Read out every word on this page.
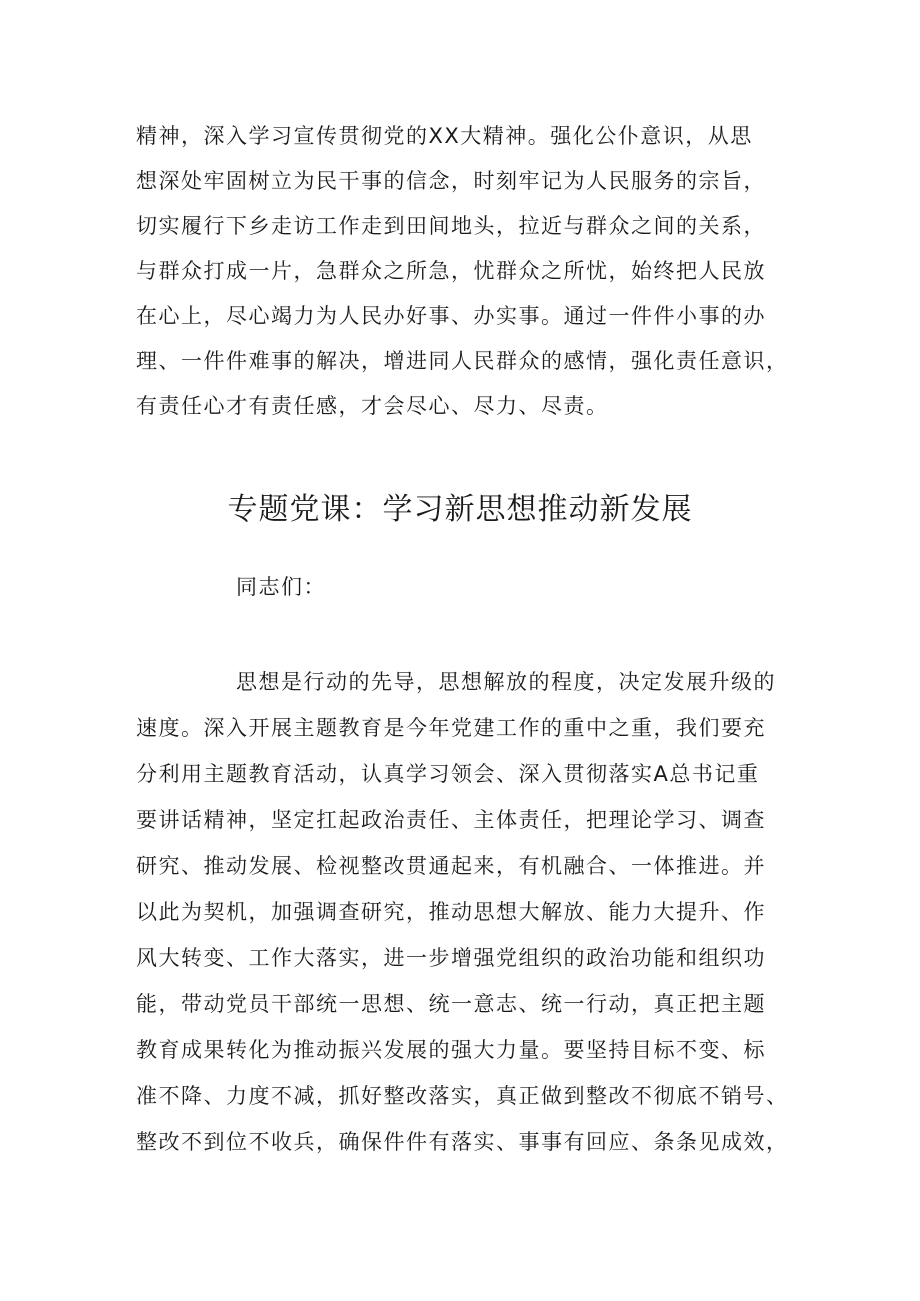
精神，深入学习宣传贯彻党的XX大精神。强化公仆意识，从思
想深处牢固树立为民干事的信念，时刻牢记为人民服务的宗旨，
切实履行下乡走访工作走到田间地头，拉近与群众之间的关系，
与群众打成一片，急群众之所急，忧群众之所忧，始终把人民放
在心上，尽心竭力为人民办好事、办实事。通过一件件小事的办
理、一件件难事的解决，增进同人民群众的感情，强化责任意识，
有责任心才有责任感，才会尽心、尽力、尽责。
专题党课：学习新思想推动新发展
同志们：
思想是行动的先导，思想解放的程度，决定发展升级的
速度。深入开展主题教育是今年党建工作的重中之重，我们要充
分利用主题教育活动，认真学习领会、深入贯彻落实A总书记重
要讲话精神，坚定扛起政治责任、主体责任，把理论学习、调查
研究、推动发展、检视整改贯通起来，有机融合、一体推进。并
以此为契机，加强调查研究，推动思想大解放、能力大提升、作
风大转变、工作大落实，进一步增强党组织的政治功能和组织功
能，带动党员干部统一思想、统一意志、统一行动，真正把主题
教育成果转化为推动振兴发展的强大力量。要坚持目标不变、标
准不降、力度不减，抓好整改落实，真正做到整改不彻底不销号、
整改不到位不收兵，确保件件有落实、事事有回应、条条见成效，
